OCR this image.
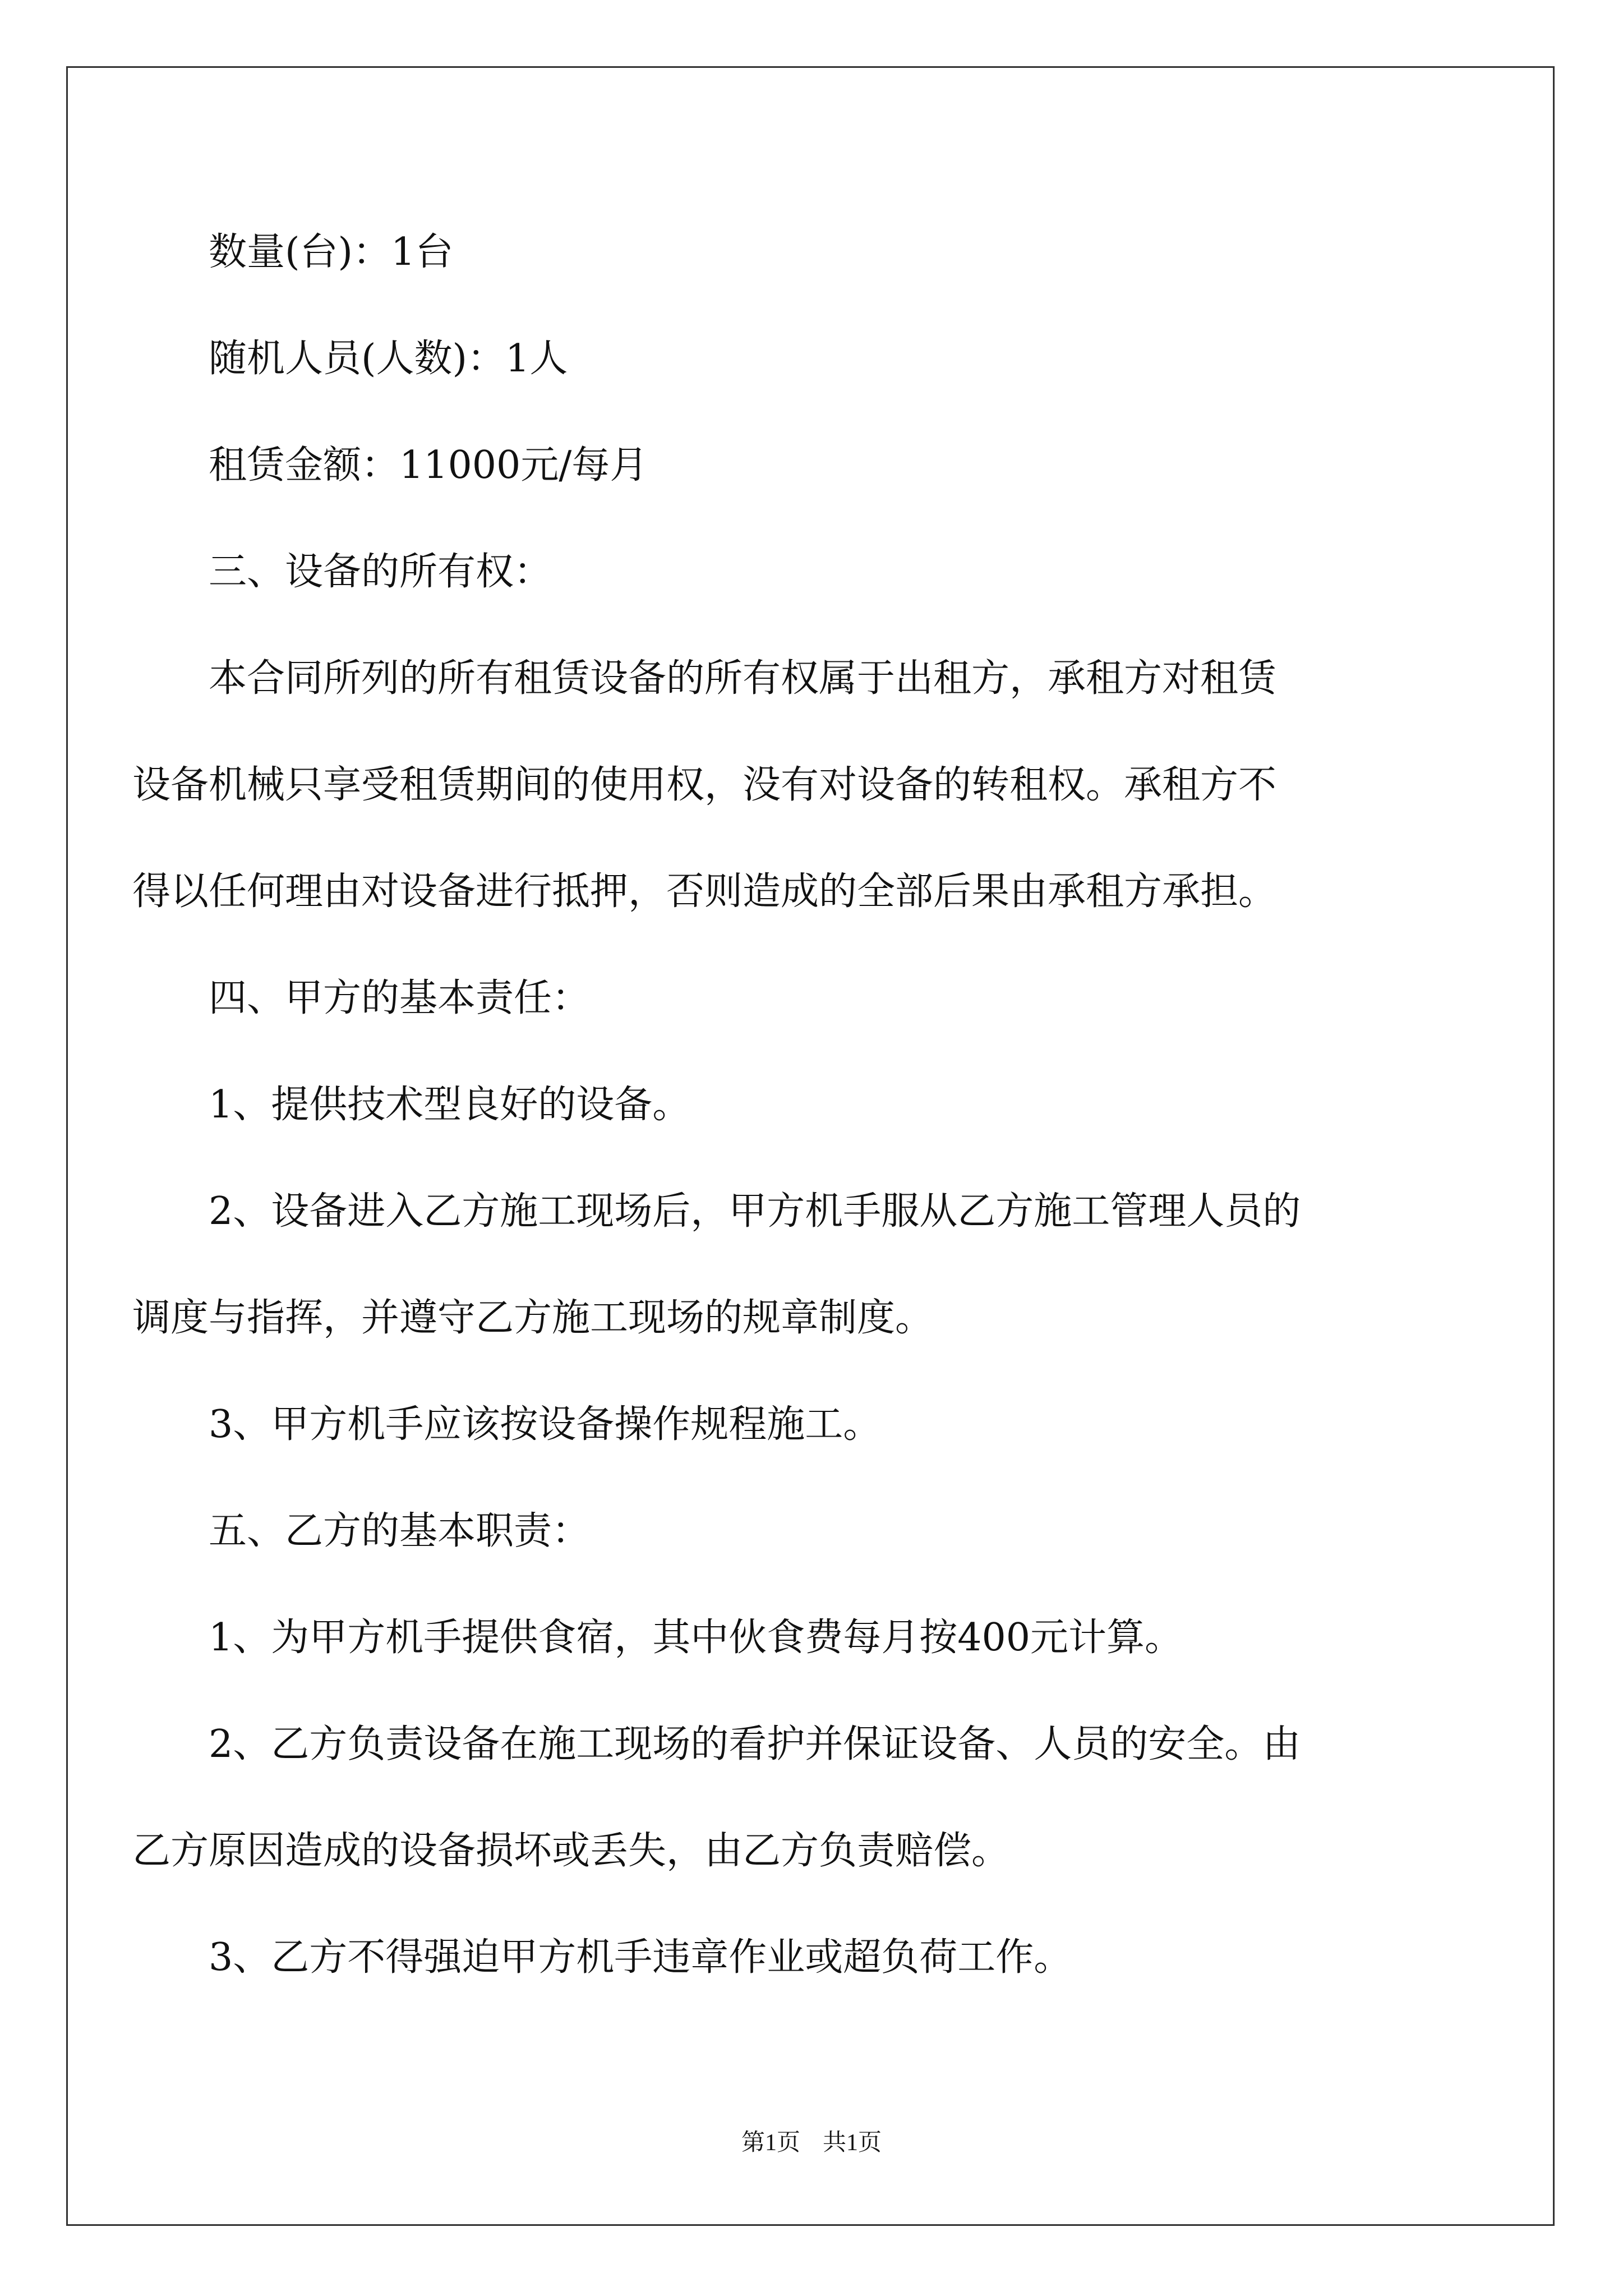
数量(台)：1台

随机人员(人数)：1人

租赁金额：11000元/每月

三、设备的所有权：

本合同所列的所有租赁设备的所有权属于出租方，承租方对租赁

设备机械只享受租赁期间的使用权，没有对设备的转租权。承租方不

得以任何理由对设备进行抵押，否则造成的全部后果由承租方承担。

四、甲方的基本责任：

1、提供技术型良好的设备。

2、设备进入乙方施工现场后，甲方机手服从乙方施工管理人员的

调度与指挥，并遵守乙方施工现场的规章制度。

3、甲方机手应该按设备操作规程施工。

五、乙方的基本职责：

1、为甲方机手提供食宿，其中伙食费每月按400元计算。

2、乙方负责设备在施工现场的看护并保证设备、人员的安全。由

乙方原因造成的设备损坏或丢失，由乙方负责赔偿。

3、乙方不得强迫甲方机手违章作业或超负荷工作。

第1页 共1页
